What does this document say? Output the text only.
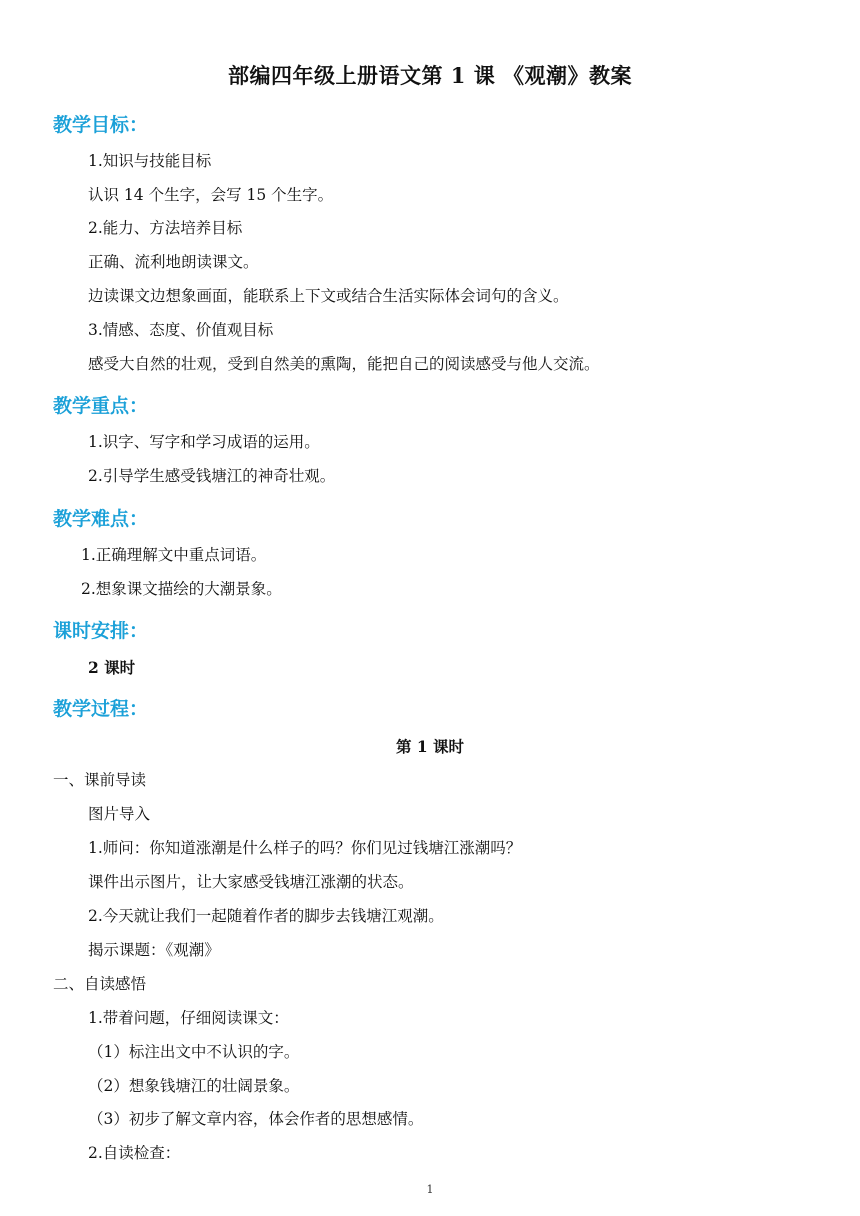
部编四年级上册语文第 1 课 《观潮》教案
教学目标：
1.知识与技能目标
认识 14 个生字，会写 15 个生字。
2.能力、方法培养目标
正确、流利地朗读课文。
边读课文边想象画面，能联系上下文或结合生活实际体会词句的含义。
3.情感、态度、价值观目标
感受大自然的壮观，受到自然美的熏陶，能把自己的阅读感受与他人交流。
教学重点：
1.识字、写字和学习成语的运用。
2.引导学生感受钱塘江的神奇壮观。
教学难点：
1.正确理解文中重点词语。
2.想象课文描绘的大潮景象。
课时安排：
2 课时
教学过程：
第 1 课时
一、课前导读
图片导入
1.师问：你知道涨潮是什么样子的吗？你们见过钱塘江涨潮吗？
课件出示图片，让大家感受钱塘江涨潮的状态。
2.今天就让我们一起随着作者的脚步去钱塘江观潮。
揭示课题：《观潮》
二、自读感悟
1.带着问题，仔细阅读课文：
（1）标注出文中不认识的字。
（2）想象钱塘江的壮阔景象。
（3）初步了解文章内容，体会作者的思想感情。
2.自读检查：
1
